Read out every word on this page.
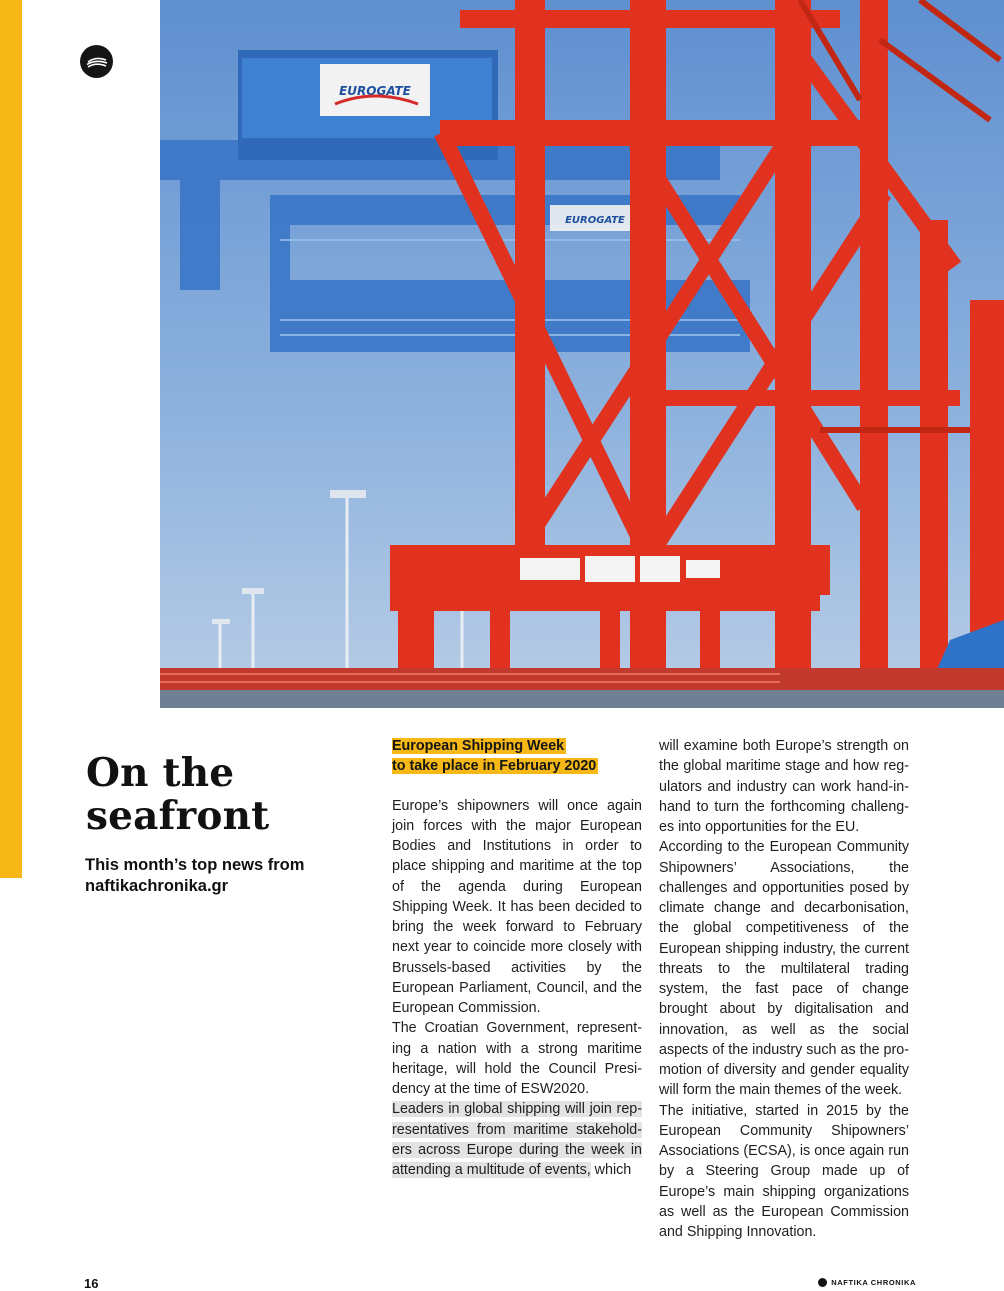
EUROGATE
EUROGATE
On the
seafront

This month’s top news from naftikachronika.gr

European Shipping Week
to take place in February 2020

Europe’s shipowners will once again join forces with the major European Bodies and Institutions in order to place shipping and maritime at the top of the agenda during European Shipping Week. It has been decided to bring the week forward to February next year to coincide more closely with Brussels-based activities by the European Parliament, Council, and the European Commission.

The Croatian Government, representing a nation with a strong maritime heritage, will hold the Council Presidency at the time of ESW2020.

Leaders in global shipping will join representatives from maritime stakeholders across Europe during the week in attending a multitude of events, which

will examine both Europe’s strength on the global maritime stage and how regulators and industry can work hand-in-hand to turn the forthcoming challenges into opportunities for the EU.

According to the European Community Shipowners’ Associations, the challenges and opportunities posed by climate change and decarbonisation, the global competitiveness of the European shipping industry, the current threats to the multilateral trading system, the fast pace of change brought about by digitalisation and innovation, as well as the social aspects of the industry such as the promotion of diversity and gender equality will form the main themes of the week.

The initiative, started in 2015 by the European Community Shipowners’ Associations (ECSA), is once again run by a Steering Group made up of Europe’s main shipping organizations as well as the European Commission and Shipping Innovation.

16	NAFTIKA CHRONIKA
